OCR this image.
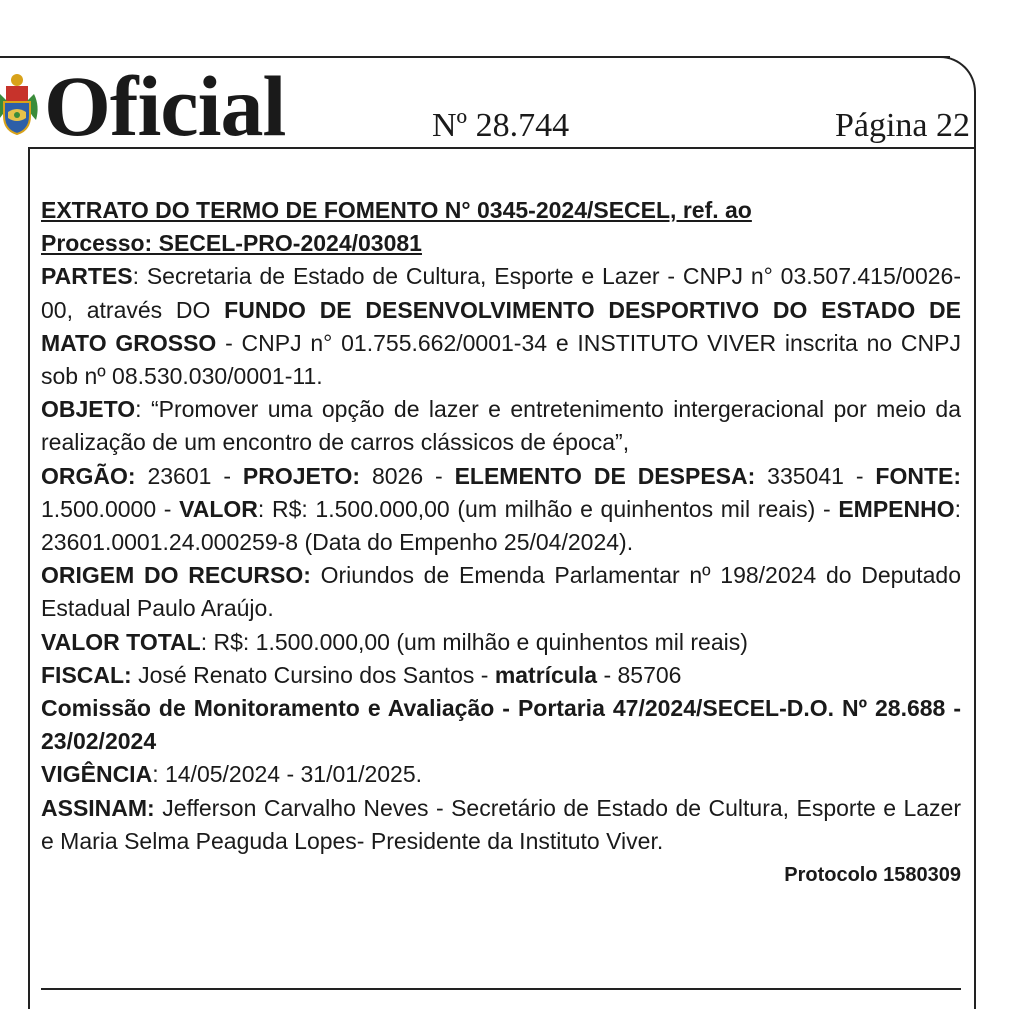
Oficial	Nº 28.744	Página 22

EXTRATO DO TERMO DE FOMENTO N° 0345-2024/SECEL, ref. ao
Processo: SECEL-PRO-2024/03081

PARTES: Secretaria de Estado de Cultura, Esporte e Lazer - CNPJ n° 03.507.415/0026-00, através DO FUNDO DE DESENVOLVIMENTO DESPORTIVO DO ESTADO DE MATO GROSSO - CNPJ n° 01.755.662/0001-34 e INSTITUTO VIVER inscrita no CNPJ sob nº 08.530.030/0001-11.

OBJETO: “Promover uma opção de lazer e entretenimento intergeracional por meio da realização de um encontro de carros clássicos de época”,

ORGÃO: 23601 - PROJETO: 8026 - ELEMENTO DE DESPESA: 335041 - FONTE: 1.500.0000 - VALOR: R$: 1.500.000,00 (um milhão e quinhentos mil reais) - EMPENHO: 23601.0001.24.000259-8 (Data do Empenho 25/04/2024).

ORIGEM DO RECURSO: Oriundos de Emenda Parlamentar nº 198/2024 do Deputado Estadual Paulo Araújo.

VALOR TOTAL: R$: 1.500.000,00 (um milhão e quinhentos mil reais)

FISCAL: José Renato Cursino dos Santos - matrícula - 85706

Comissão de Monitoramento e Avaliação - Portaria 47/2024/SECEL-D.O. Nº 28.688 - 23/02/2024

VIGÊNCIA: 14/05/2024 - 31/01/2025.

ASSINAM: Jefferson Carvalho Neves - Secretário de Estado de Cultura, Esporte e Lazer e Maria Selma Peaguda Lopes- Presidente da Instituto Viver.

Protocolo 1580309
